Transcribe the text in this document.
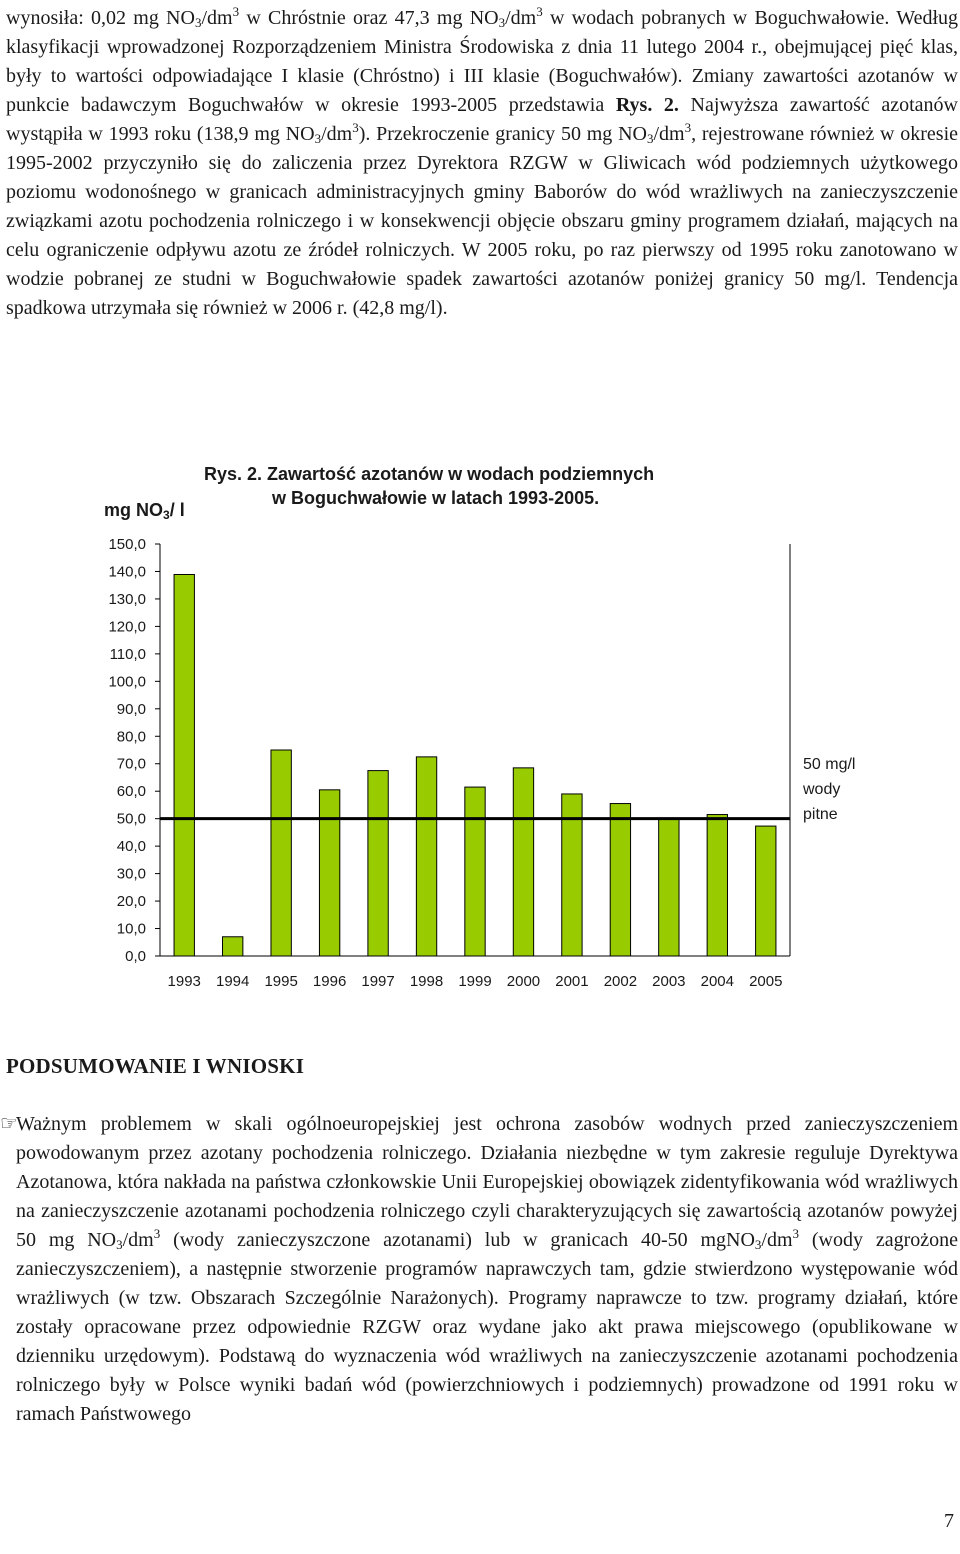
wynosiła: 0,02 mg $NO_3/dm^3$ w Chróstnie oraz 47,3 mg $NO_3/dm^3$ w wodach pobranych w Boguchwałowie. Według klasyfikacji wprowadzonej Rozporządzeniem Ministra Środowiska z dnia 11 lutego 2004 r., obejmującej pięć klas, były to wartości odpowiadające I klasie (Chróstno) i III klasie (Boguchwałów). Zmiany zawartości azotanów w punkcie badawczym Boguchwałów w okresie 1993-2005 przedstawia Rys. 2. Najwyższa zawartość azotanów wystąpiła w 1993 roku (138,9 mg $NO_3/dm^3$). Przekroczenie granicy 50 mg $NO_3/dm^3$, rejestrowane również w okresie 1995-2002 przyczyniło się do zaliczenia przez Dyrektora RZGW w Gliwicach wód podziemnych użytkowego poziomu wodonośnego w granicach administracyjnych gminy Baborów do wód wrażliwych na zanieczyszczenie związkami azotu pochodzenia rolniczego i w konsekwencji objęcie obszaru gminy programem działań, mających na celu ograniczenie odpływu azotu ze źródeł rolniczych. W 2005 roku, po raz pierwszy od 1995 roku zanotowano w wodzie pobranej ze studni w Boguchwałowie spadek zawartości azotanów poniżej granicy 50 mg/l. Tendencja spadkowa utrzymała się również w 2006 r. (42,8 mg/l).

Rys. 2. Zawartość azotanów w wodach podziemnych
w Boguchwałowie w latach 1993-2005.
mg $NO_3/$ l
0,0
10,0
20,0
30,0
40,0
50,0
60,0
70,0
80,0
90,0
100,0
110,0
120,0
130,0
140,0
150,0
1993 1994 1995 1996 1997 1998 1999 2000 2001 2002 2003 2004 2005
50 mg/l
wody
pitne
PODSUMOWANIE I WNIOSKI
☞

Ważnym problemem w skali ogólnoeuropejskiej jest ochrona zasobów wodnych przed zanieczyszczeniem powodowanym przez azotany pochodzenia rolniczego. Działania niezbędne w tym zakresie reguluje Dyrektywa Azotanowa, która nakłada na państwa członkowskie Unii Europejskiej obowiązek zidentyfikowania wód wrażliwych na zanieczyszczenie azotanami pochodzenia rolniczego czyli charakteryzujących się zawartością azotanów powyżej 50 mg $NO_3/dm^3$ (wody zanieczyszczone azotanami) lub w granicach 40-50 $mgNO_3/dm^3$ (wody zagrożone zanieczyszczeniem), a następnie stworzenie programów naprawczych tam, gdzie stwierdzono występowanie wód wrażliwych (w tzw. Obszarach Szczególnie Narażonych). Programy naprawcze to tzw. programy działań, które zostały opracowane przez odpowiednie RZGW oraz wydane jako akt prawa miejscowego (opublikowane w dzienniku urzędowym). Podstawą do wyznaczenia wód wrażliwych na zanieczyszczenie azotanami pochodzenia rolniczego były w Polsce wyniki badań wód (powierzchniowych i podziemnych) prowadzone od 1991 roku w ramach Państwowego

7
